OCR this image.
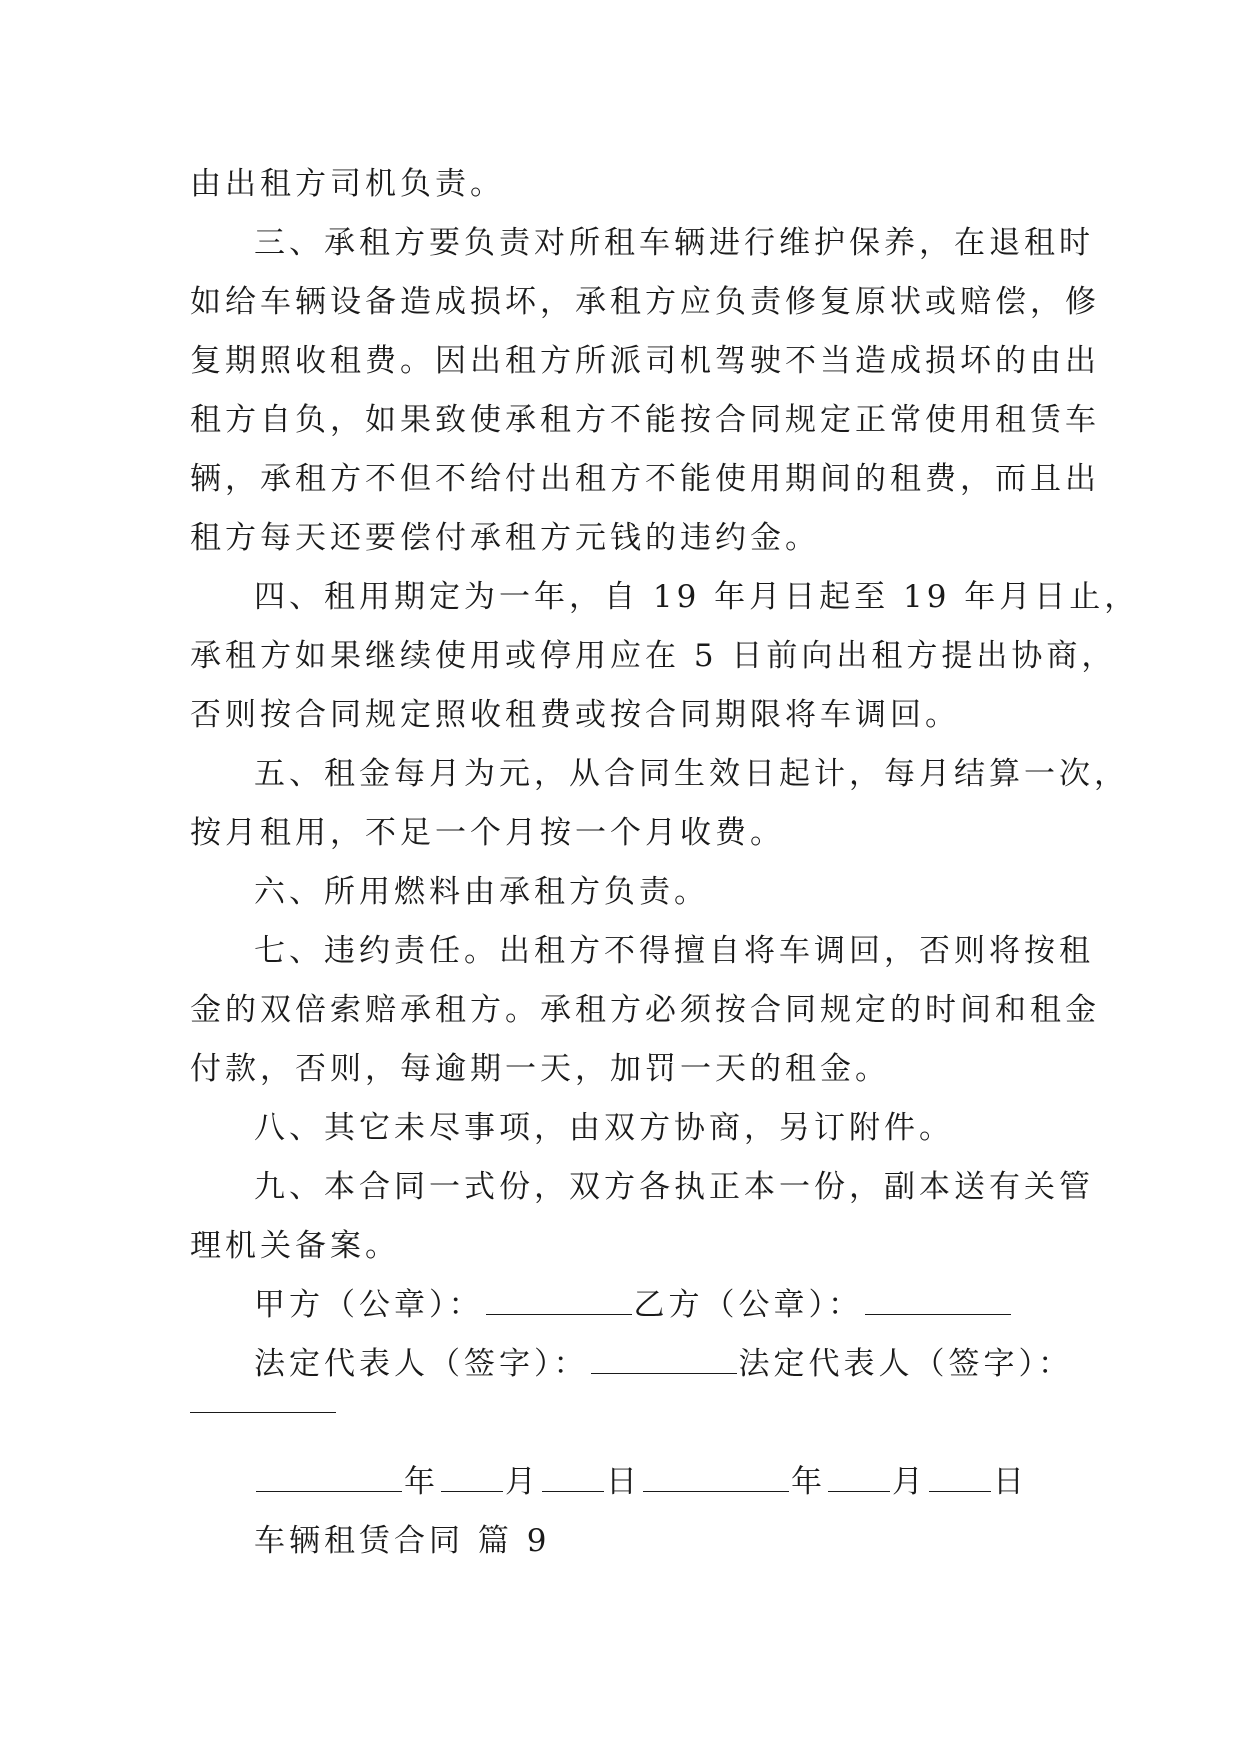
由出租方司机负责。
三、承租方要负责对所租车辆进行维护保养，在退租时
如给车辆设备造成损坏，承租方应负责修复原状或赔偿，修
复期照收租费。因出租方所派司机驾驶不当造成损坏的由出
租方自负，如果致使承租方不能按合同规定正常使用租赁车
辆，承租方不但不给付出租方不能使用期间的租费，而且出
租方每天还要偿付承租方元钱的违约金。
四、租用期定为一年，自 19 年月日起至 19 年月日止，
承租方如果继续使用或停用应在 5 日前向出租方提出协商，
否则按合同规定照收租费或按合同期限将车调回。
五、租金每月为元，从合同生效日起计，每月结算一次，
按月租用，不足一个月按一个月收费。
六、所用燃料由承租方负责。
七、违约责任。出租方不得擅自将车调回，否则将按租
金的双倍索赔承租方。承租方必须按合同规定的时间和租金
付款，否则，每逾期一天，加罚一天的租金。
八、其它未尽事项，由双方协商，另订附件。
九、本合同一式份，双方各执正本一份，副本送有关管
理机关备案。
甲方（公章）：	乙方（公章）：
法定代表人（签字）：	法定代表人（签字）：
年 月 日	年 月 日
车辆租赁合同 篇 9
